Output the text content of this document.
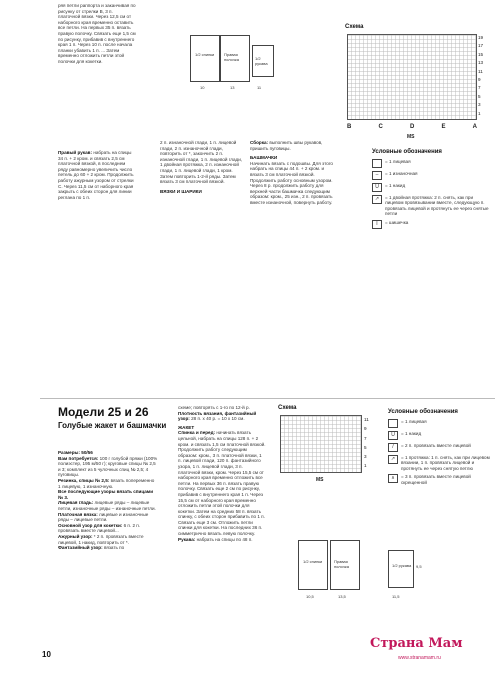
ряя петли раппорта и заканчивая по рисунку от стрелки В, 3 п. платочной вязки. Через 12,5 см от наборного края временно оставить все петли. На первых 35 п. вязать правую полочку. Связать еще 1,5 см по рисунку, прибавив с внутреннего края 1 п. Через 10 п. после начала планки убавить 1 п. ... Затем временно отложить петли этой полочки для кокетки.

Правый рукав: набрать на спицы 34 п. + 2 кром. и связать 2,5 см платочной вязкой, в последнем ряду равномерно увеличить число петель до 60 + 2 кром. Продолжить работу ажурным узором от стрелки С. Через 11,5 см от наборного края закрыть с обеих сторон для линии реглана по 1 п.

1/2 спинки Правая полочка	1/2 рукава
10	13	11
Схема
19
17
15
13
11
9
7
5
3
1
B	C	D	E	A
MS

2 п. изнаночной глади, 1 п. лицевой глади, 2 п. изнаночной глади, повторить от *, закончить 2 п. изнаночной глади, 1 п. лицевой глади, 1 двойная протяжка, 2 п. изнаночной глади, 1 п. лицевой глади, 1 кром. Затем повторить 1-2-й ряды. Затем вязать 3 см платочной вязкой.

ВЯЗКИ И ШАРИКИ

Сборка: выполнить швы рукавов, пришить пуговицы.

БАШМАЧКИ

Начинать вязать с подошвы. Для этого набрать на спицы 44 п. + 2 кром. и вязать 3 см платочной вязкой. Продолжить работу основным узором. Через 8 р. продолжить работу для верхней части башмачка следующим образом: кром., 25 изн., 2 п. провязать вместе изнаночной, повернуть работу.

Условные обозначения

= 1 лицевая
–	= 1 изнаночная
U	= 1 накид
↗	= 1 двойная протяжка: 2 п. снять, как при лицевом провязывании вместе, следующую п. провязать лицевой и протянуть ее через снятые петли
I	= шишечка
Модели 25 и 26
Голубые жакет и башмачки

Размеры: 50/56

Вам потребуется: 100 г голубой пряжи (100% полиэстер, 195 м/50 г); круговые спицы № 2,5 и 3; комплект из 5 чулочных спиц № 2,5; 4 пуговицы.

Резинка, спицы № 2,5: вязать попеременно 1 лицевую, 1 изнаночную.

Все последующие узоры вязать спицами № 3.

Лицевая гладь: лицевые ряды – лицевые петли, изнаночные ряды – изнаночные петли.

Платочная вязка: лицевые и изнаночные ряды – лицевые петли.

Основной узор для кокетки: 6 п. 2 п. провязать вместе лицевой...

Ажурный узор: * 2 п. провязать вместе лицевой, 1 накид, повторить от *.

Фантазийный узор: вязать по

схеме; повторять с 1-го по 12-й р.

Плотность вязания, фантазийный узор: 28 п. х 40 р. = 10 х 10 см.

ЖАКЕТ

Спинка и перед: начинать вязать цельной, набрать на спицы 128 п. + 2 кром. и связать 1,5 см платочной вязкой. Продолжить работу следующим образом: кром., 3 п. платочной вязки, 1 п. лицевой глади, 120 п. фантазийного узора, 1 п. лицевой глади, 3 п. платочной вязки, кром. Через 15,5 см от наборного края временно отложить все петли. На первых 36 п. вязать правую полочку. Связать еще 2 см по рисунку, прибавив с внутреннего края 1 п. Через 15,5 см от наборного края временно отложить петли этой полочки для кокетки. Затем на средних 58 п. вязать спинку, с обеих сторон прибавить по 1 п. Связать еще 3 см. Отложить петли спинки для кокетки. На последних 36 п. симметрично вязать левую полочку.

Рукава: набрать на спицы по 48 п.

Схема
11
9
7
5
3
1
MS

Условные обозначения

= 1 лицевая
U	= 1 накид
/	= 2 п. провязать вместе лицевой
↗	= 1 протяжка: 1 п. снять, как при лицевом вязании, 1 п. провязать лицевой и протянуть ее через снятую петлю
∧	= 3 п. провязать вместе лицевой скрещенной
1/2 спинки	Правая полочка	1/2 рукава
10,5	13,5	11,5
9,5
10
Страна Мам
www.stranamam.ru
